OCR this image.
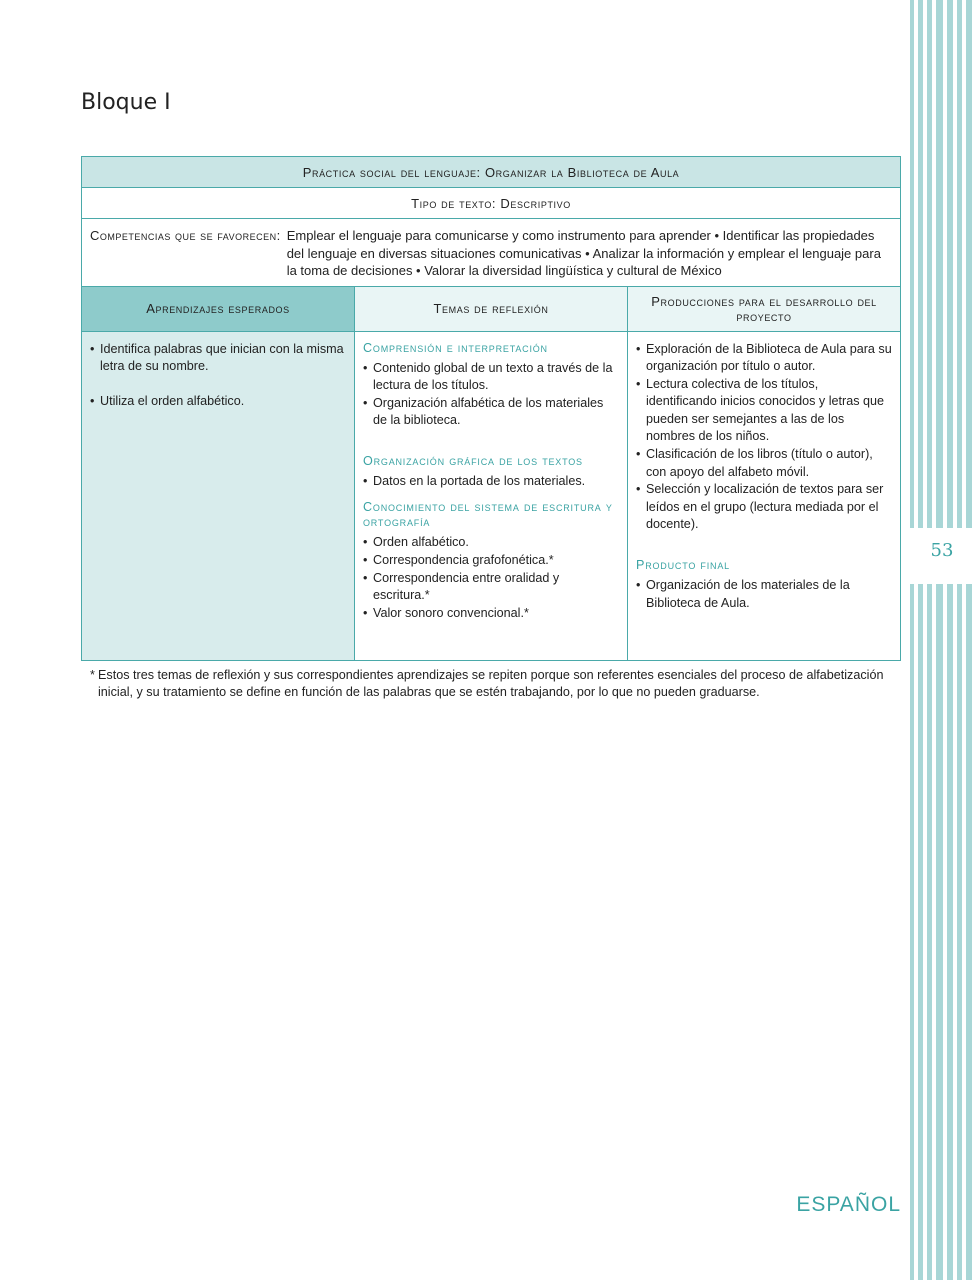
53
Bloque I
Práctica social del lenguaje: Organizar la Biblioteca de Aula
Tipo de texto: Descriptivo
Competencias que se favorecen: Emplear el lenguaje para comunicarse y como instrumento para aprender • Identificar las propiedades del lenguaje en diversas situaciones comunicativas • Analizar la información y emplear el lenguaje para la toma de decisiones • Valorar la diversidad lingüística y cultural de México
Aprendizajes esperados	Temas de reflexión	Producciones para el desarrollo del proyecto
• Identifica palabras que inician con la misma letra de su nombre.
• Utiliza el orden alfabético.
Comprensión e interpretación
• Contenido global de un texto a través de la lectura de los títulos.
• Organización alfabética de los materiales de la biblioteca.
Organización gráfica de los textos
• Datos en la portada de los materiales.
Conocimiento del sistema de escritura y ortografía
• Orden alfabético.
• Correspondencia grafofonética.*
• Correspondencia entre oralidad y escritura.*
• Valor sonoro convencional.*
• Exploración de la Biblioteca de Aula para su organización por título o autor.
• Lectura colectiva de los títulos, identificando inicios conocidos y letras que pueden ser semejantes a las de los nombres de los niños.
• Clasificación de los libros (título o autor), con apoyo del alfabeto móvil.
• Selección y localización de textos para ser leídos en el grupo (lectura mediada por el docente).
Producto final
• Organización de los materiales de la Biblioteca de Aula.
* Estos tres temas de reflexión y sus correspondientes aprendizajes se repiten porque son referentes esenciales del proceso de alfabetización inicial, y su tratamiento se define en función de las palabras que se estén trabajando, por lo que no pueden graduarse.
ESPAÑOL
